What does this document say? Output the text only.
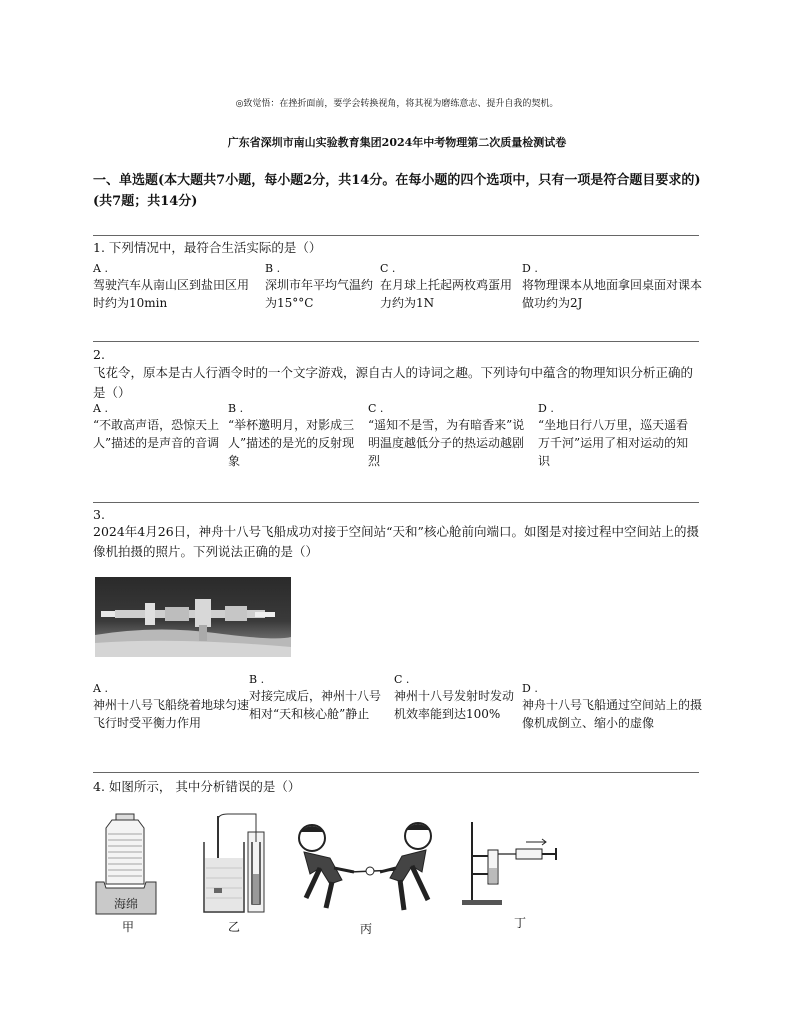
◎致觉悟：在挫折面前，要学会转换视角，将其视为磨练意志、提升自我的契机。
广东省深圳市南山实验教育集团2024年中考物理第二次质量检测试卷
一、单选题(本大题共7小题，每小题2分，共14分。在每小题的四个选项中，只有一项是符合题目要求的)(共7题；共14分)
1. 下列情况中，最符合生活实际的是（）
A .
驾驶汽车从南山区到盐田区用时约为10min
B .
深圳市年平均气温约为15°°C
C .
在月球上托起两枚鸡蛋用力约为1N
D .
将物理课本从地面拿回桌面对课本做功约为2J
2.
飞花令，原本是古人行酒令时的一个文字游戏，源自古人的诗词之趣。下列诗句中蕴含的物理知识分析正确的是（）
A .
“不敢高声语，恐惊天上人”描述的是声音的音调
B .
“举杯邀明月，对影成三人”描述的是光的反射现象
C .
“遥知不是雪，为有暗香来”说明温度越低分子的热运动越剧烈
D .
“坐地日行八万里，巡天遥看万千河”运用了相对运动的知识
3.
2024年4月26日，神舟十八号飞船成功对接于空间站“天和”核心舱前向端口。如图是对接过程中空间站上的摄像机拍摄的照片。下列说法正确的是（）
A .
神州十八号飞船绕着地球匀速飞行时受平衡力作用
B .
对接完成后，神州十八号相对“天和核心舱”静止
C .
神州十八号发射时发动机效率能到达100%
D .
神舟十八号飞船通过空间站上的摄像机成倒立、缩小的虚像
4. 如图所示， 其中分析错误的是（）
海绵
甲	乙	丙	丁
